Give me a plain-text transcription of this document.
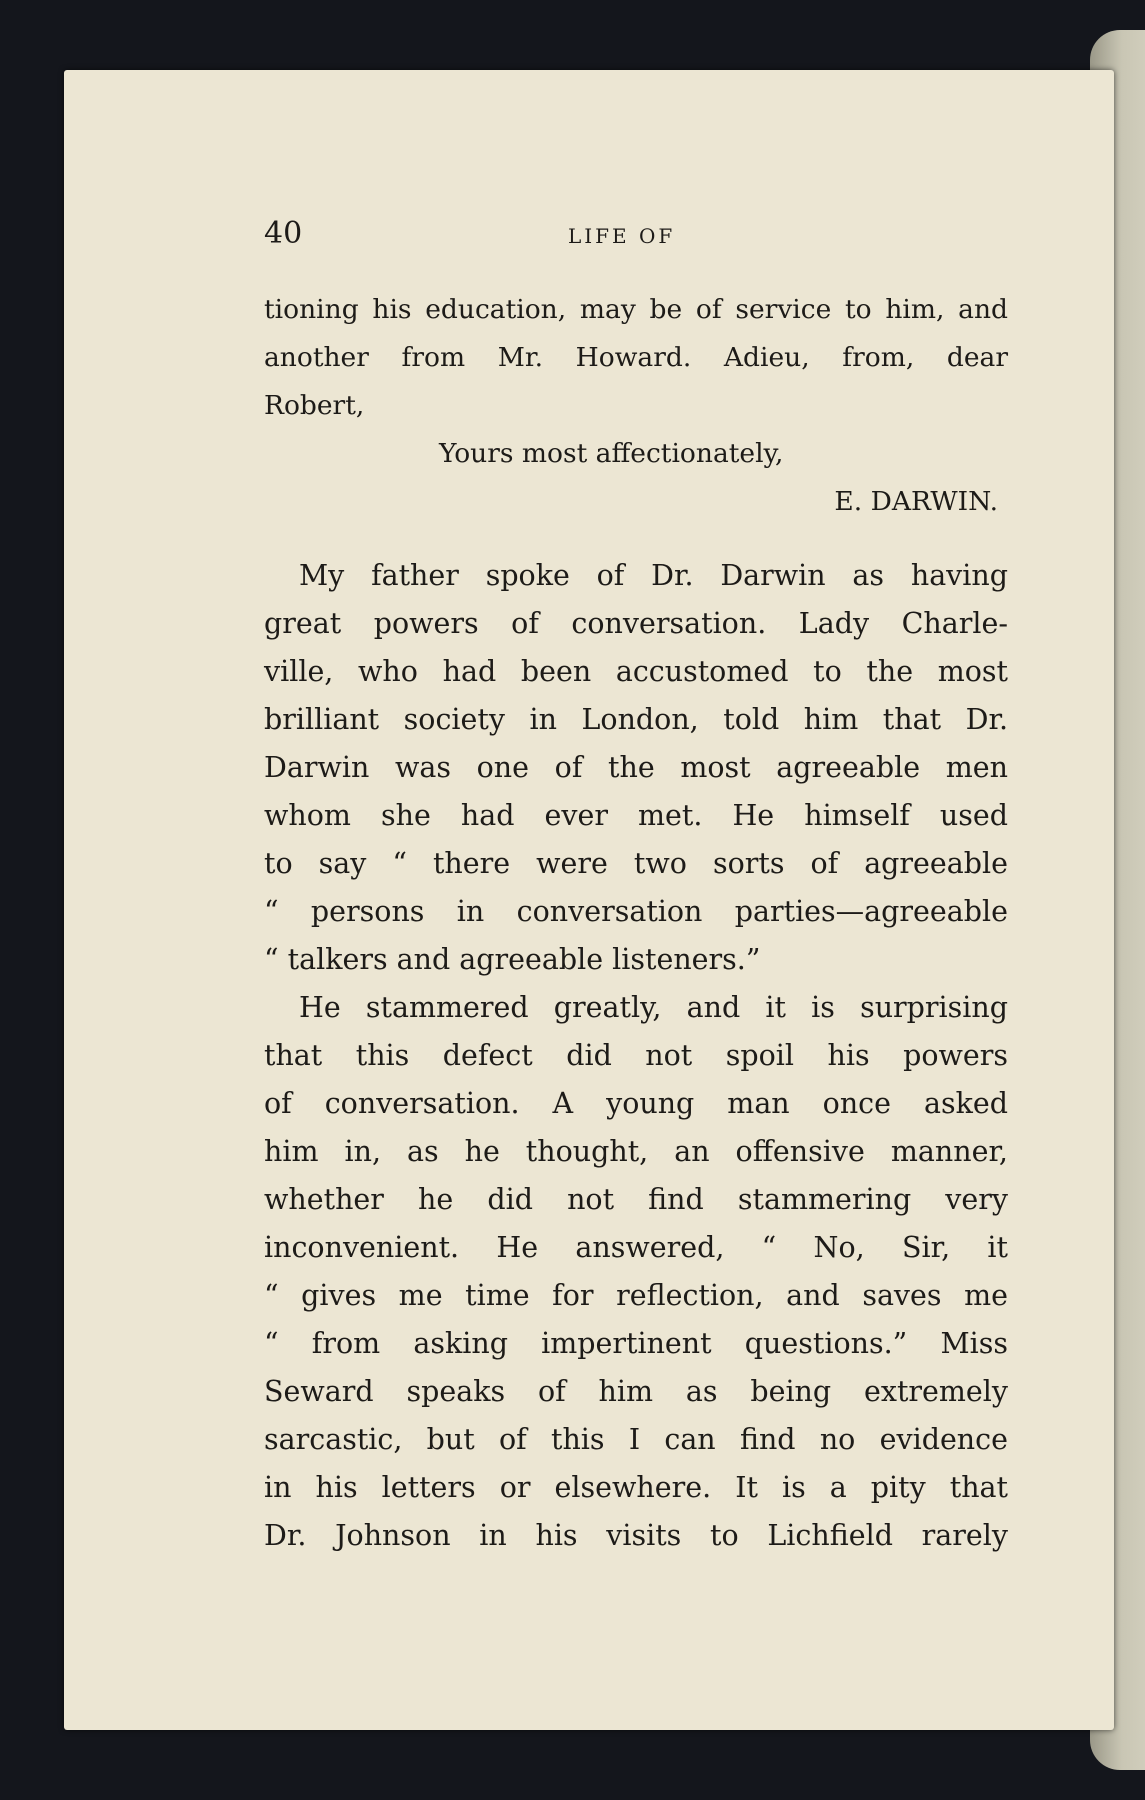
40	LIFE OF
tioning his education, may be of service to him, and
another from Mr. Howard. Adieu, from, dear
Robert,
Yours most affectionately,
E. DARWIN.
My father spoke of Dr. Darwin as having
great powers of conversation. Lady Charle-
ville, who had been accustomed to the most
brilliant society in London, told him that Dr.
Darwin was one of the most agreeable men
whom she had ever met. He himself used
to say “ there were two sorts of agreeable
“ persons in conversation parties—agreeable
“ talkers and agreeable listeners.”
He stammered greatly, and it is surprising
that this defect did not spoil his powers
of conversation. A young man once asked
him in, as he thought, an offensive manner,
whether he did not find stammering very
inconvenient. He answered, “ No, Sir, it
“ gives me time for reflection, and saves me
“ from asking impertinent questions.” Miss
Seward speaks of him as being extremely
sarcastic, but of this I can find no evidence
in his letters or elsewhere. It is a pity that
Dr. Johnson in his visits to Lichfield rarely
